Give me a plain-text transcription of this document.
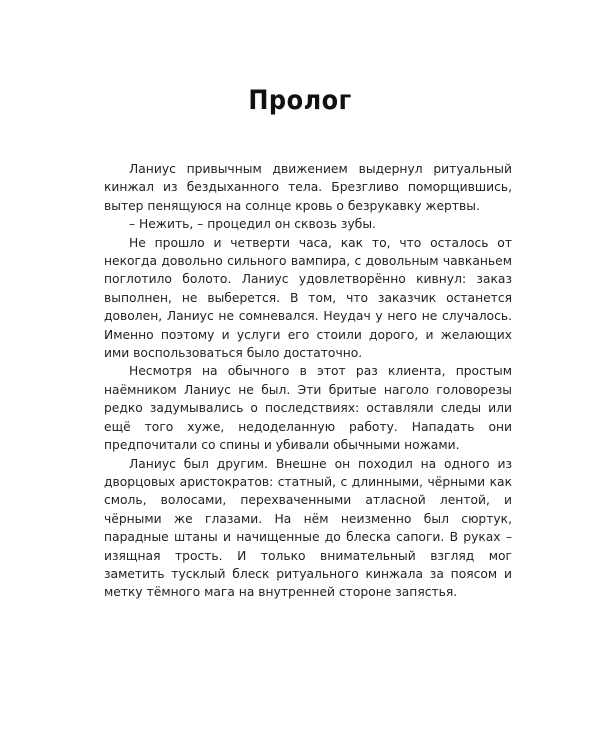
Пролог

Ланиус привычным движением выдернул ритуальный кинжал из бездыханного тела. Брезгливо поморщившись, вытер пенящуюся на солнце кровь о безрукавку жертвы.

– Нежить, – процедил он сквозь зубы.

Не прошло и четверти часа, как то, что осталось от некогда довольно сильного вампира, с довольным чавканьем поглотило болото. Ланиус удовлетворённо кивнул: заказ выполнен, не выберется. В том, что заказчик останется доволен, Ланиус не сомневался. Неудач у него не случалось. Именно поэтому и услуги его стоили дорого, и желающих ими воспользоваться было достаточно.

Несмотря на обычного в этот раз клиента, простым наёмником Ланиус не был. Эти бритые наголо головорезы редко задумывались о последствиях: оставляли следы или ещё того хуже, недоделанную работу. Нападать они предпочитали со спины и убивали обычными ножами.

Ланиус был другим. Внешне он походил на одного из дворцовых аристократов: статный, с длинными, чёрными как смоль, волосами, перехваченными атласной лентой, и чёрными же глазами. На нём неизменно был сюртук, парадные штаны и начищенные до блеска сапоги. В руках – изящная трость. И только внимательный взгляд мог заметить тусклый блеск ритуального кинжала за поясом и метку тёмного мага на внутренней стороне запястья.
